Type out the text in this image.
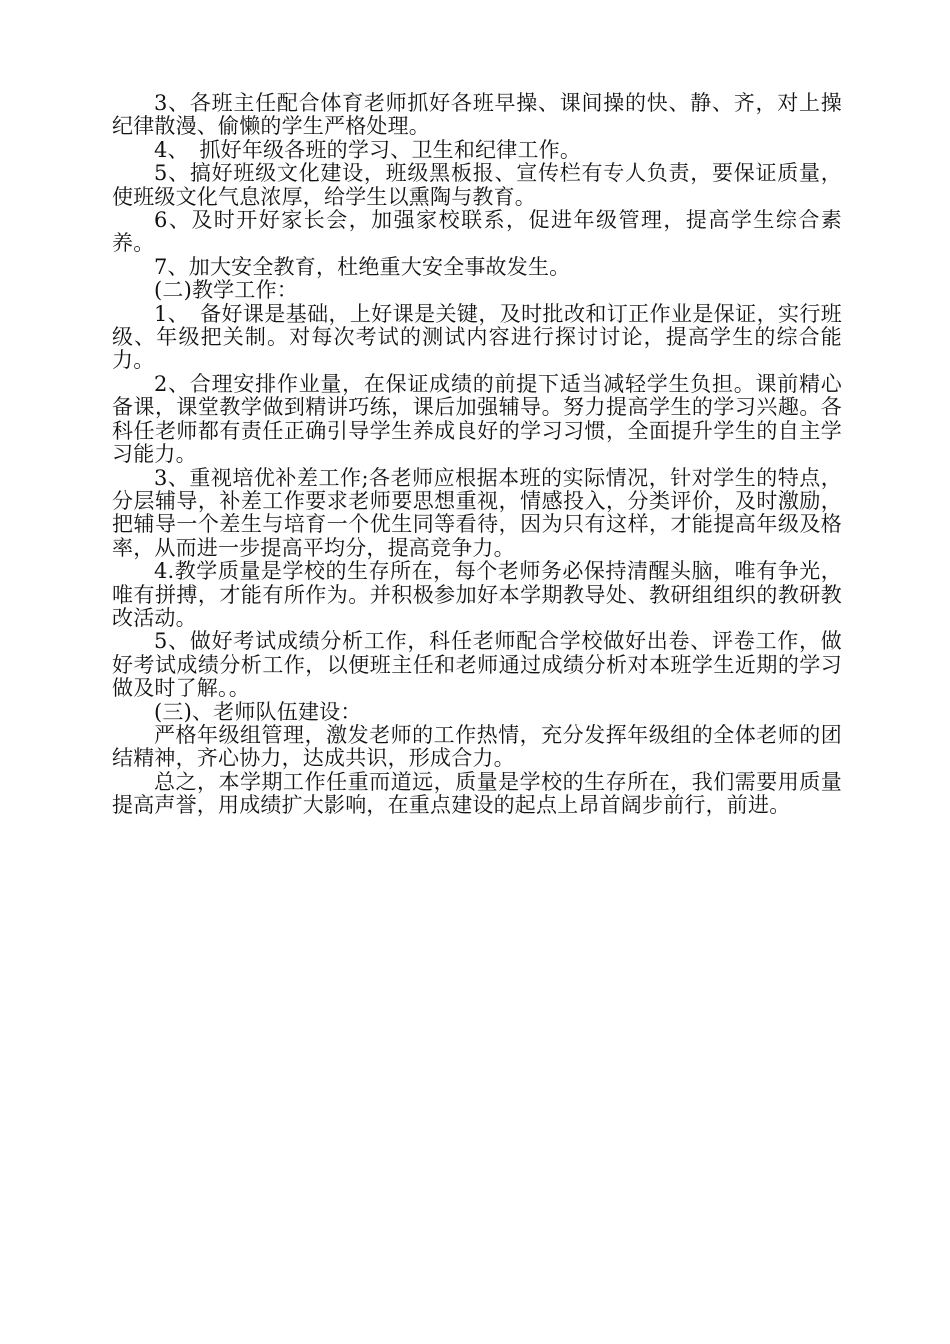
3、各班主任配合体育老师抓好各班早操、课间操的快、静、齐，对上操纪律散漫、偷懒的学生严格处理。

4、　抓好年级各班的学习、卫生和纪律工作。

5、搞好班级文化建设，班级黑板报、宣传栏有专人负责，要保证质量，使班级文化气息浓厚，给学生以熏陶与教育。

6、及时开好家长会，加强家校联系，促进年级管理，提高学生综合素养。

7、加大安全教育，杜绝重大安全事故发生。

(二)教学工作：

1、　备好课是基础，上好课是关键，及时批改和订正作业是保证，实行班级、年级把关制。对每次考试的测试内容进行探讨讨论，提高学生的综合能力。

2、合理安排作业量，在保证成绩的前提下适当减轻学生负担。课前精心备课，课堂教学做到精讲巧练，课后加强辅导。努力提高学生的学习兴趣。各科任老师都有责任正确引导学生养成良好的学习习惯，全面提升学生的自主学习能力。

3、重视培优补差工作;各老师应根据本班的实际情况，针对学生的特点，分层辅导，补差工作要求老师要思想重视，情感投入，分类评价，及时激励，把辅导一个差生与培育一个优生同等看待，因为只有这样，才能提高年级及格率，从而进一步提高平均分，提高竞争力。

4.教学质量是学校的生存所在，每个老师务必保持清醒头脑，唯有争光，唯有拼搏，才能有所作为。并积极参加好本学期教导处、教研组组织的教研教改活动。

5、做好考试成绩分析工作，科任老师配合学校做好出卷、评卷工作，做好考试成绩分析工作，以便班主任和老师通过成绩分析对本班学生近期的学习做及时了解。。

(三)、老师队伍建设：

严格年级组管理，激发老师的工作热情，充分发挥年级组的全体老师的团结精神，齐心协力，达成共识，形成合力。

总之，本学期工作任重而道远，质量是学校的生存所在，我们需要用质量提高声誉，用成绩扩大影响，在重点建设的起点上昂首阔步前行，前进。
